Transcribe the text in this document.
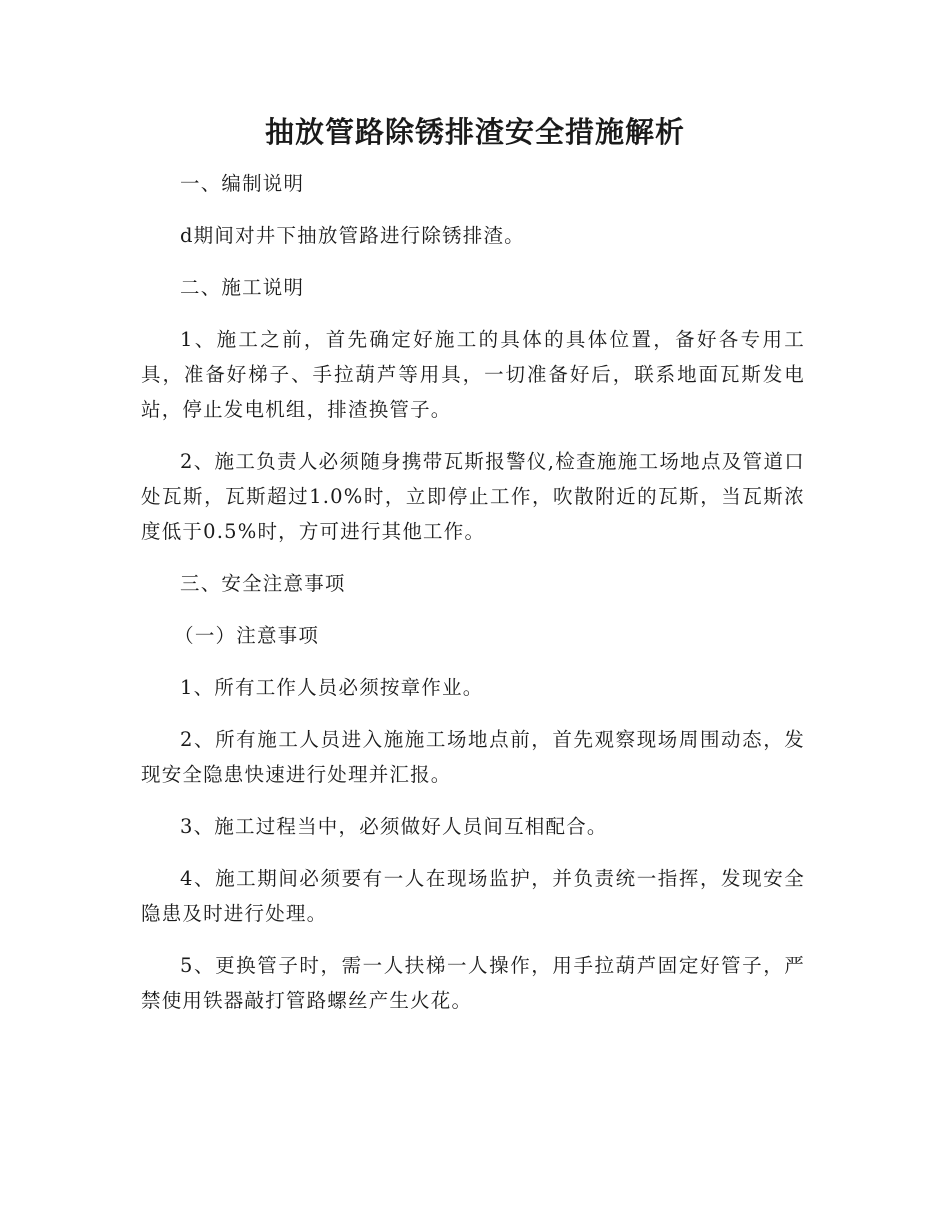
抽放管路除锈排渣安全措施解析

一、编制说明

d期间对井下抽放管路进行除锈排渣。

二、施工说明

1、施工之前，首先确定好施工的具体的具体位置，备好各专用工具，准备好梯子、手拉葫芦等用具，一切准备好后，联系地面瓦斯发电站，停止发电机组，排渣换管子。

2、施工负责人必须随身携带瓦斯报警仪,检查施施工场地点及管道口处瓦斯，瓦斯超过1.0%时，立即停止工作，吹散附近的瓦斯，当瓦斯浓度低于0.5%时，方可进行其他工作。

三、安全注意事项

（一）注意事项

1、所有工作人员必须按章作业。

2、所有施工人员进入施施工场地点前，首先观察现场周围动态，发现安全隐患快速进行处理并汇报。

3、施工过程当中，必须做好人员间互相配合。

4、施工期间必须要有一人在现场监护，并负责统一指挥，发现安全隐患及时进行处理。

5、更换管子时，需一人扶梯一人操作，用手拉葫芦固定好管子，严禁使用铁器敲打管路螺丝产生火花。
